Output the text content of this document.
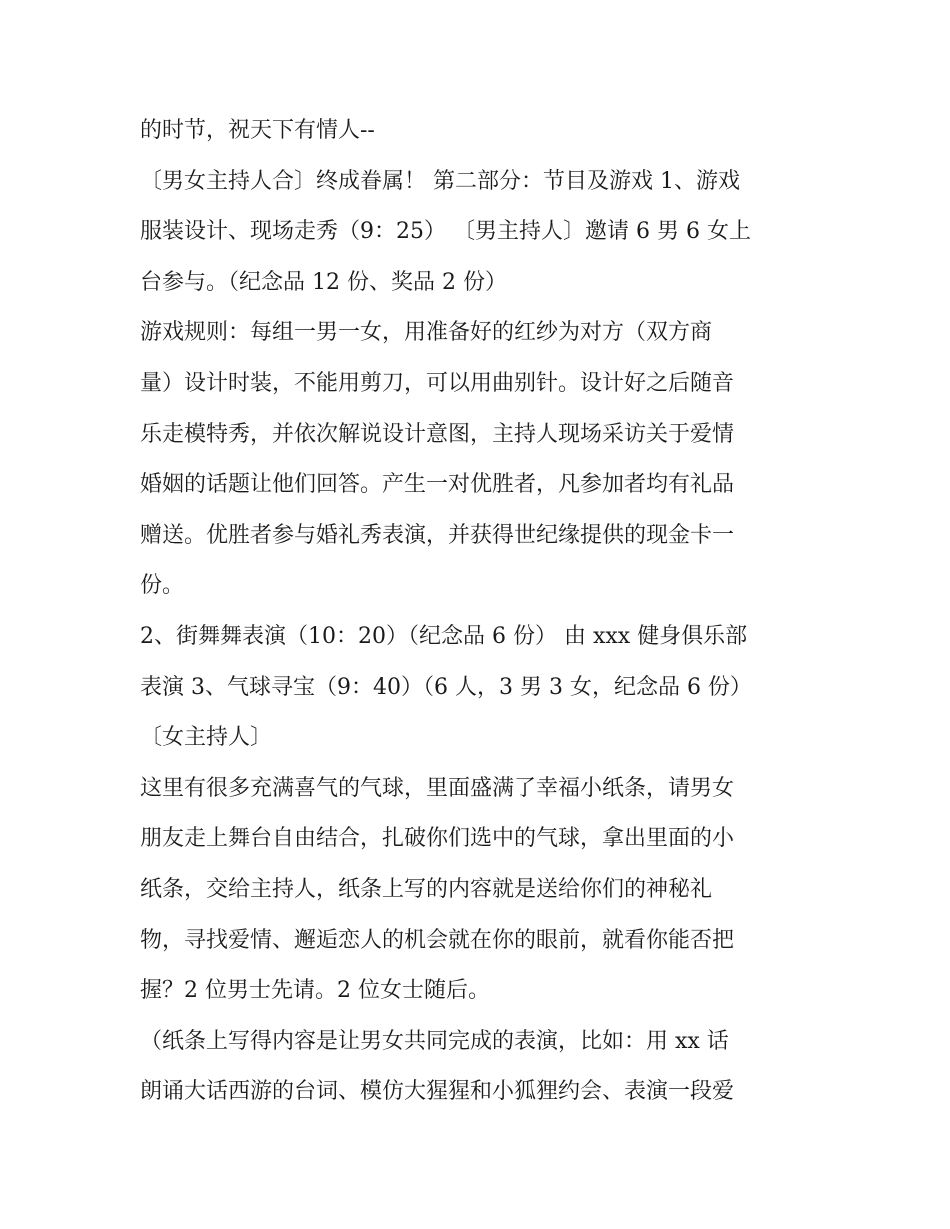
的时节，祝天下有情人--
〔男女主持人合〕终成眷属！ 第二部分：节目及游戏 1、游戏
服装设计、现场走秀（9：25） 〔男主持人〕邀请 6 男 6 女上
台参与。（纪念品 12 份、奖品 2 份）
游戏规则：每组一男一女，用准备好的红纱为对方（双方商
量）设计时装，不能用剪刀，可以用曲别针。设计好之后随音
乐走模特秀，并依次解说设计意图，主持人现场采访关于爱情
婚姻的话题让他们回答。产生一对优胜者，凡参加者均有礼品
赠送。优胜者参与婚礼秀表演，并获得世纪缘提供的现金卡一
份。
2、街舞舞表演（10：20）（纪念品 6 份） 由 xxx 健身俱乐部
表演 3、气球寻宝（9：40）（6 人，3 男 3 女，纪念品 6 份）
〔女主持人〕
这里有很多充满喜气的气球，里面盛满了幸福小纸条，请男女
朋友走上舞台自由结合，扎破你们选中的气球，拿出里面的小
纸条，交给主持人，纸条上写的内容就是送给你们的神秘礼
物，寻找爱情、邂逅恋人的机会就在你的眼前，就看你能否把
握？2 位男士先请。2 位女士随后。
（纸条上写得内容是让男女共同完成的表演，比如：用 xx 话
朗诵大话西游的台词、模仿大猩猩和小狐狸约会、表演一段爱
